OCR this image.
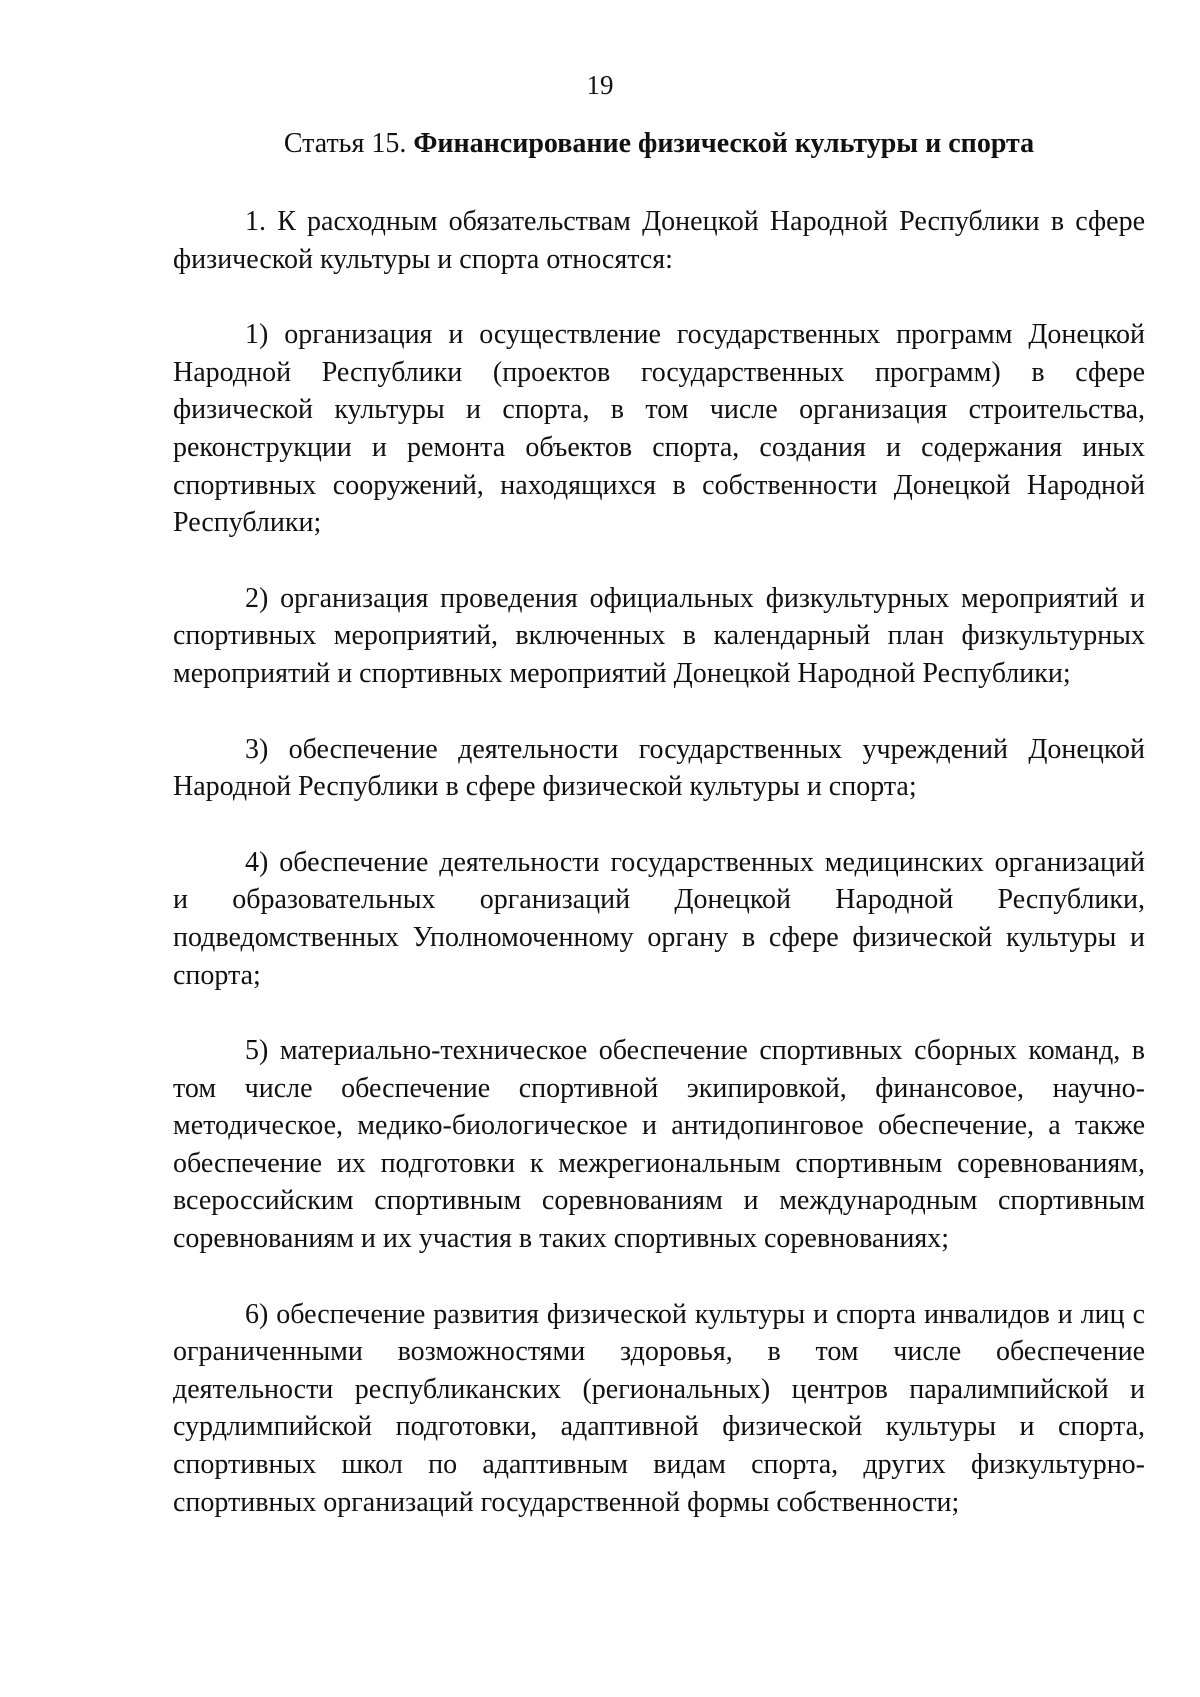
19
Статья 15. Финансирование физической культуры и спорта

1. К расходным обязательствам Донецкой Народной Республики в сфере физической культуры и спорта относятся:

1) организация и осуществление государственных программ Донецкой Народной Республики (проектов государственных программ) в сфере физической культуры и спорта, в том числе организация строительства, реконструкции и ремонта объектов спорта, создания и содержания иных спортивных сооружений, находящихся в собственности Донецкой Народной Республики;

2) организация проведения официальных физкультурных мероприятий и спортивных мероприятий, включенных в календарный план физкультурных мероприятий и спортивных мероприятий Донецкой Народной Республики;

3) обеспечение деятельности государственных учреждений Донецкой Народной Республики в сфере физической культуры и спорта;

4) обеспечение деятельности государственных медицинских организаций и образовательных организаций Донецкой Народной Республики, подведомственных Уполномоченному органу в сфере физической культуры и спорта;

5) материально-техническое обеспечение спортивных сборных команд, в том числе обеспечение спортивной экипировкой, финансовое, научно-методическое, медико-биологическое и антидопинговое обеспечение, а также обеспечение их подготовки к межрегиональным спортивным соревнованиям, всероссийским спортивным соревнованиям и международным спортивным соревнованиям и их участия в таких спортивных соревнованиях;

6) обеспечение развития физической культуры и спорта инвалидов и лиц с ограниченными возможностями здоровья, в том числе обеспечение деятельности республиканских (региональных) центров паралимпийской и сурдлимпийской подготовки, адаптивной физической культуры и спорта, спортивных школ по адаптивным видам спорта, других физкультурно-спортивных организаций государственной формы собственности;
